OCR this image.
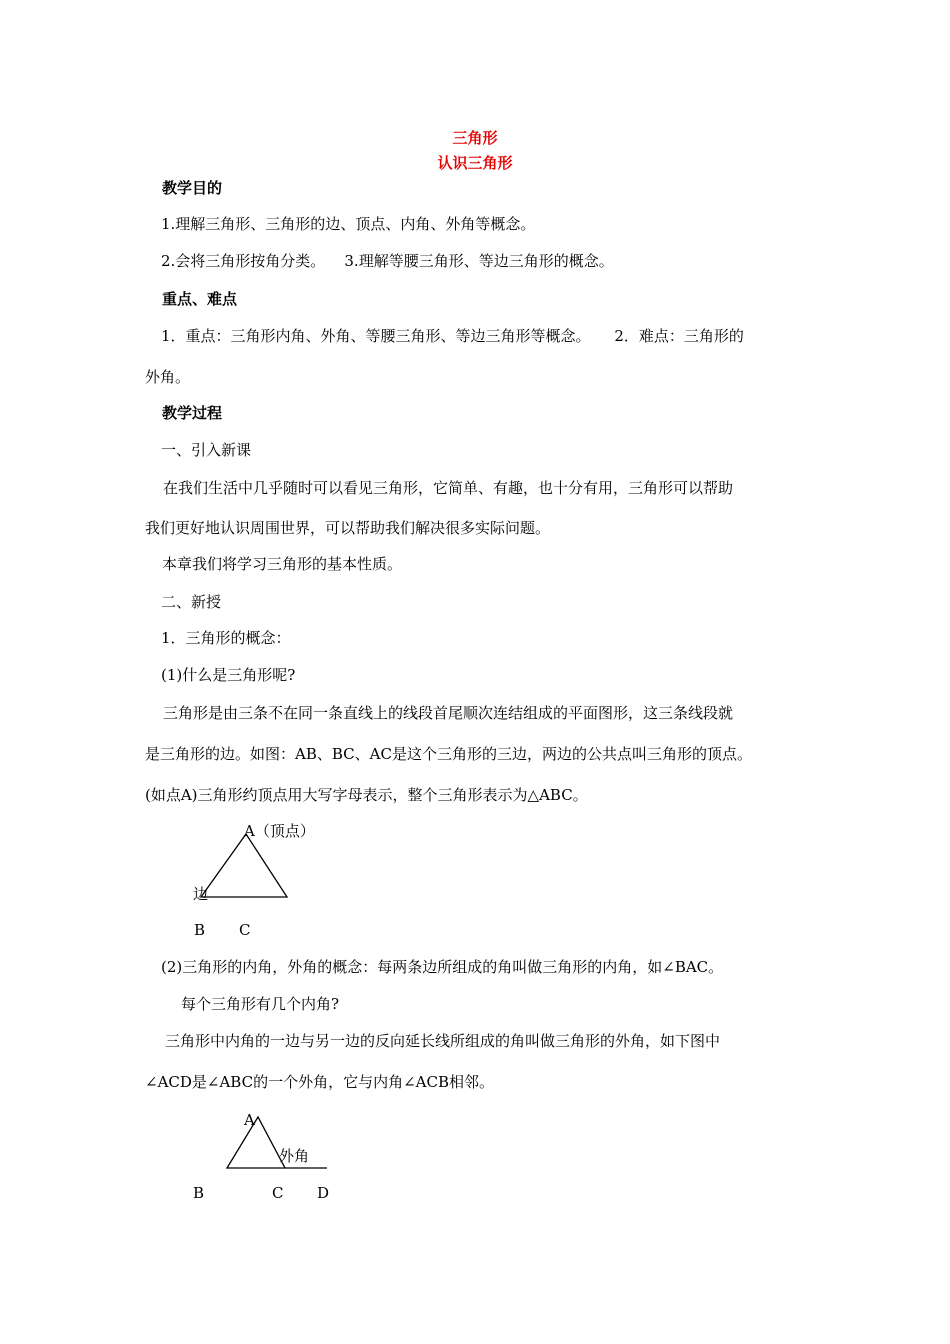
三角形
认识三角形
教学目的
1.理解三角形、三角形的边、顶点、内角、外角等概念。
2.会将三角形按角分类。    3.理解等腰三角形、等边三角形的概念。
重点、难点
1．重点：三角形内角、外角、等腰三角形、等边三角形等概念。     2．难点：三角形的
外角。
教学过程
一、引入新课
在我们生活中几乎随时可以看见三角形，它简单、有趣，也十分有用，三角形可以帮助
我们更好地认识周围世界，可以帮助我们解决很多实际问题。
本章我们将学习三角形的基本性质。
二、新授
1．三角形的概念：
(1)什么是三角形呢?
三角形是由三条不在同一条直线上的线段首尾顺次连结组成的平面图形，这三条线段就
是三角形的边。如图：AB、BC、AC是这个三角形的三边，两边的公共点叫三角形的顶点。
(如点A)三角形约顶点用大写字母表示，整个三角形表示为△ABC。
A（顶点）
边
B C
(2)三角形的内角，外角的概念：每两条边所组成的角叫做三角形的内角，如∠BAC。
每个三角形有几个内角?
三角形中内角的一边与另一边的反向延长线所组成的角叫做三角形的外角，如下图中
∠ACD是∠ABC的一个外角，它与内角∠ACB相邻。
A
外角
B	C D
